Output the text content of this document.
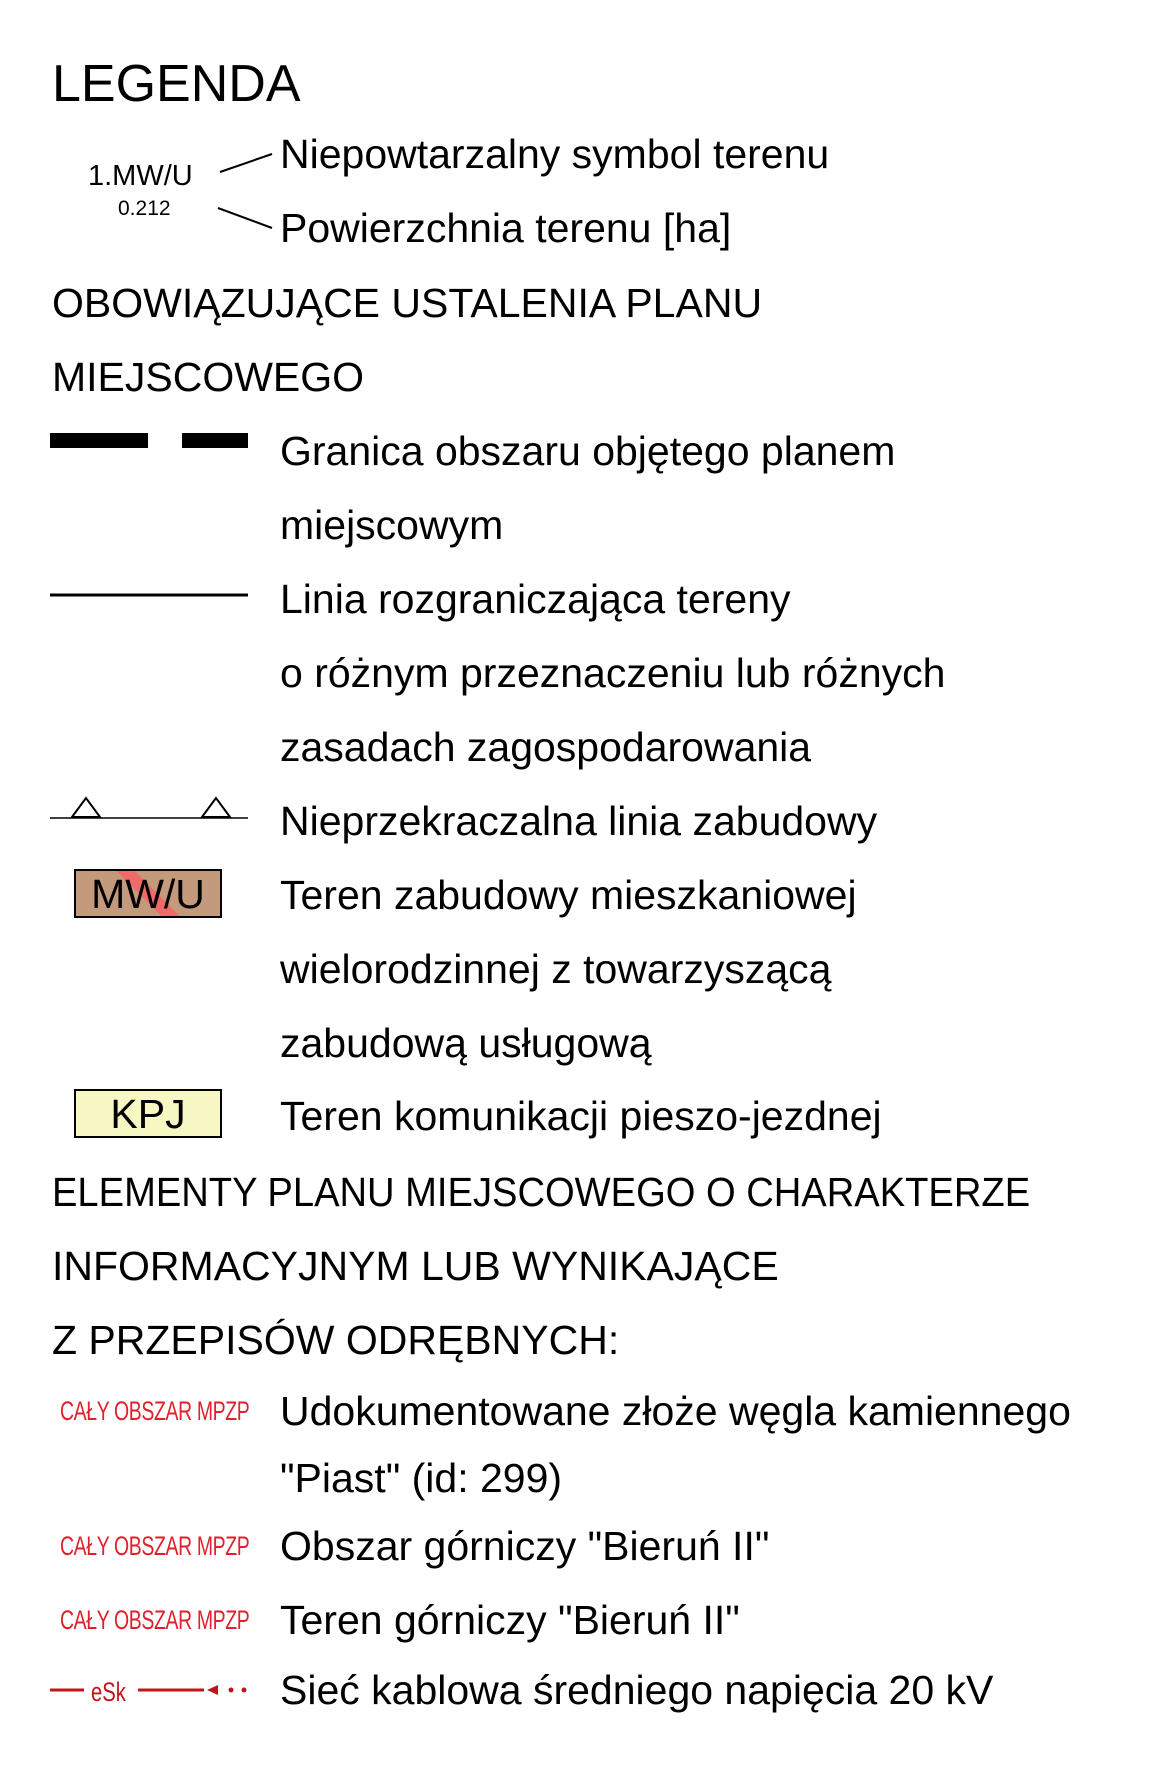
LEGENDA
1.MW/U
0.212
Niepowtarzalny symbol terenu
Powierzchnia terenu [ha]
OBOWIĄZUJĄCE USTALENIA PLANU
MIEJSCOWEGO
Granica obszaru objętego planem
miejscowym
Linia rozgraniczająca tereny
o różnym przeznaczeniu lub różnych
zasadach zagospodarowania
Nieprzekraczalna linia zabudowy
MW/U	Teren zabudowy mieszkaniowej
wielorodzinnej z towarzyszącą
zabudową usługową
KPJ	Teren komunikacji pieszo-jezdnej
ELEMENTY PLANU MIEJSCOWEGO O CHARAKTERZE
INFORMACYJNYM LUB WYNIKAJĄCE
Z PRZEPISÓW ODRĘBNYCH:
CAŁY OBSZAR MPZP Udokumentowane złoże węgla kamiennego
"Piast" (id: 299)
CAŁY OBSZAR MPZP Obszar górniczy "Bieruń II"
CAŁY OBSZAR MPZP Teren górniczy "Bieruń II"
eSk	Sieć kablowa średniego napięcia 20 kV
